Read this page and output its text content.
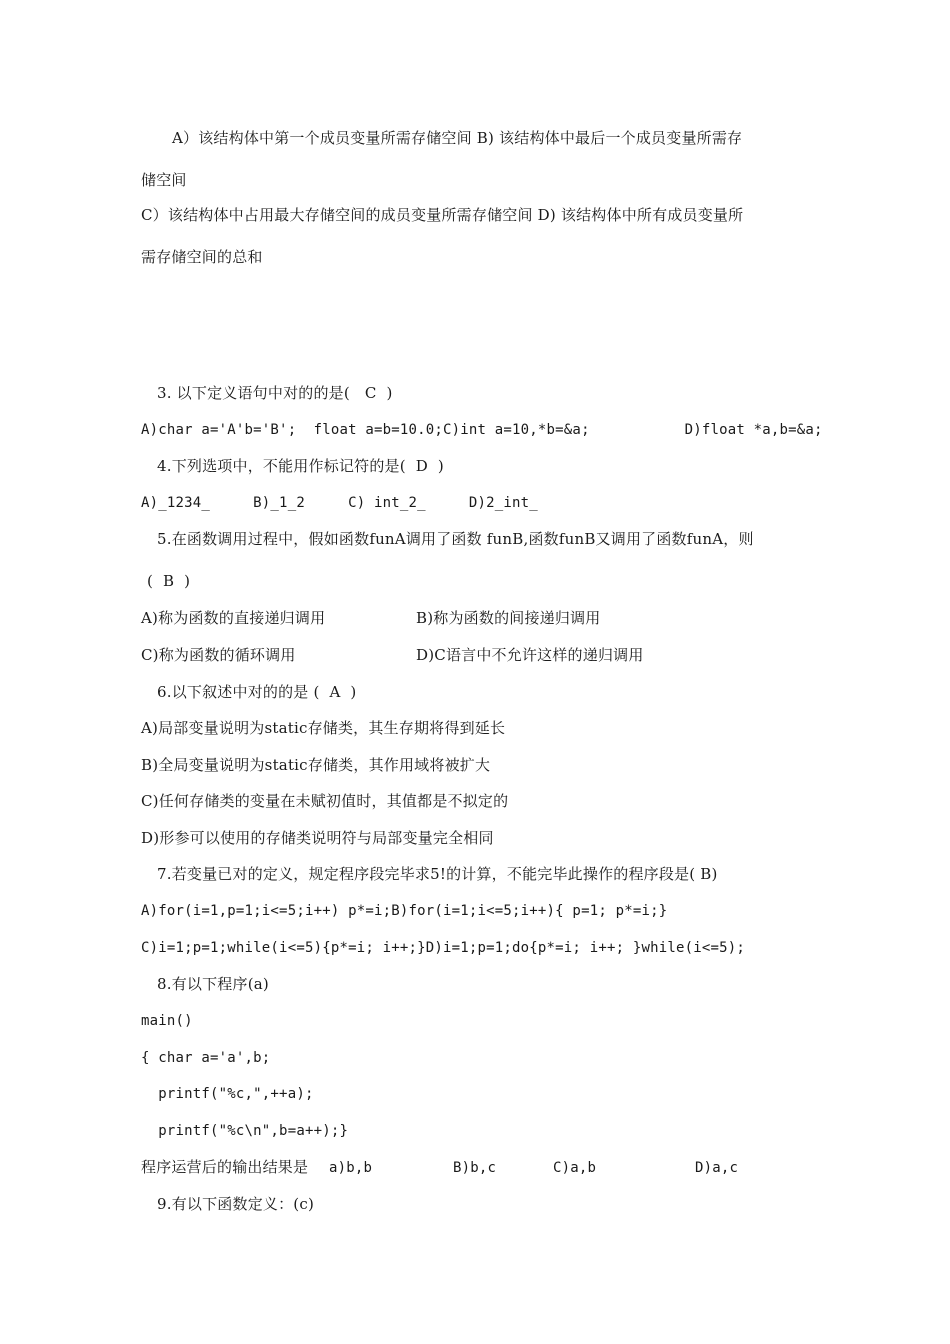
A）该结构体中第一个成员变量所需存储空间 B) 该结构体中最后一个成员变量所需存
储空间
C）该结构体中占用最大存储空间的成员变量所需存储空间 D) 该结构体中所有成员变量所
需存储空间的总和
3. 以下定义语句中对的的是(   C  )
A)char a='A'b='B';  float a=b=10.0;C)int a=10,*b=&a;           D)float *a,b=&a;
4.下列选项中，不能用作标记符的是(  D  )
A)_1234_     B)_1_2     C) int_2_     D)2_int_
5.在函数调用过程中，假如函数funA调用了函数 funB,函数funB又调用了函数funA，则
(  B  )
A)称为函数的直接递归调用	B)称为函数的间接递归调用
C)称为函数的循环调用	D)C语言中不允许这样的递归调用
6.以下叙述中对的的是 (  A  )
A)局部变量说明为static存储类，其生存期将得到延长
B)全局变量说明为static存储类，其作用域将被扩大
C)任何存储类的变量在未赋初值时，其值都是不拟定的
D)形参可以使用的存储类说明符与局部变量完全相同
7.若变量已对的定义，规定程序段完毕求5!的计算，不能完毕此操作的程序段是( B)
A)for(i=1,p=1;i<=5;i++) p*=i;B)for(i=1;i<=5;i++){ p=1; p*=i;}
C)i=1;p=1;while(i<=5){p*=i; i++;}D)i=1;p=1;do{p*=i; i++; }while(i<=5);
8.有以下程序(a)
main()
{ char a='a',b;
printf("%c,",++a);
printf("%c\n",b=a++);}
程序运营后的输出结果是 a)b,b	B)b,c	C)a,b	D)a,c
9.有以下函数定义：(c)
